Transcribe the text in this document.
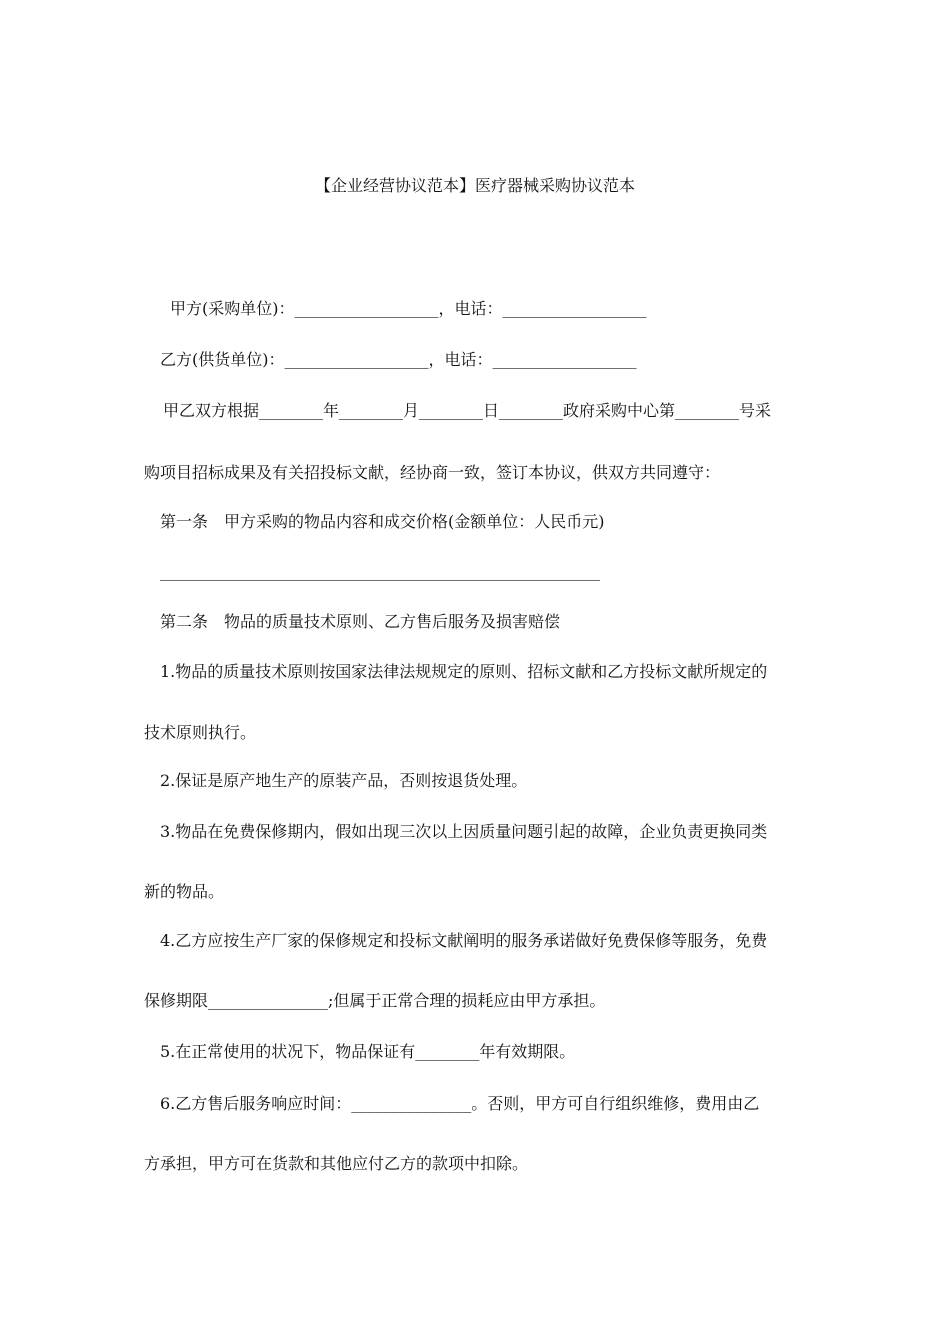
【企业经营协议范本】医疗器械采购协议范本
甲方(采购单位)：__________________，电话：__________________
乙方(供货单位)：__________________，电话：__________________
甲乙双方根据________年________月________日________政府采购中心第________号采
购项目招标成果及有关招投标文献，经协商一致，签订本协议，供双方共同遵守：
第一条　甲方采购的物品内容和成交价格(金额单位：人民币元)
_______________________________________________________
第二条　物品的质量技术原则、乙方售后服务及损害赔偿
1.物品的质量技术原则按国家法律法规规定的原则、招标文献和乙方投标文献所规定的
技术原则执行。
2.保证是原产地生产的原装产品，否则按退货处理。
3.物品在免费保修期内，假如出现三次以上因质量问题引起的故障，企业负责更换同类
新的物品。
4.乙方应按生产厂家的保修规定和投标文献阐明的服务承诺做好免费保修等服务，免费
保修期限_______________;但属于正常合理的损耗应由甲方承担。
5.在正常使用的状况下，物品保证有________年有效期限。
6.乙方售后服务响应时间：_______________。否则，甲方可自行组织维修，费用由乙
方承担，甲方可在货款和其他应付乙方的款项中扣除。
